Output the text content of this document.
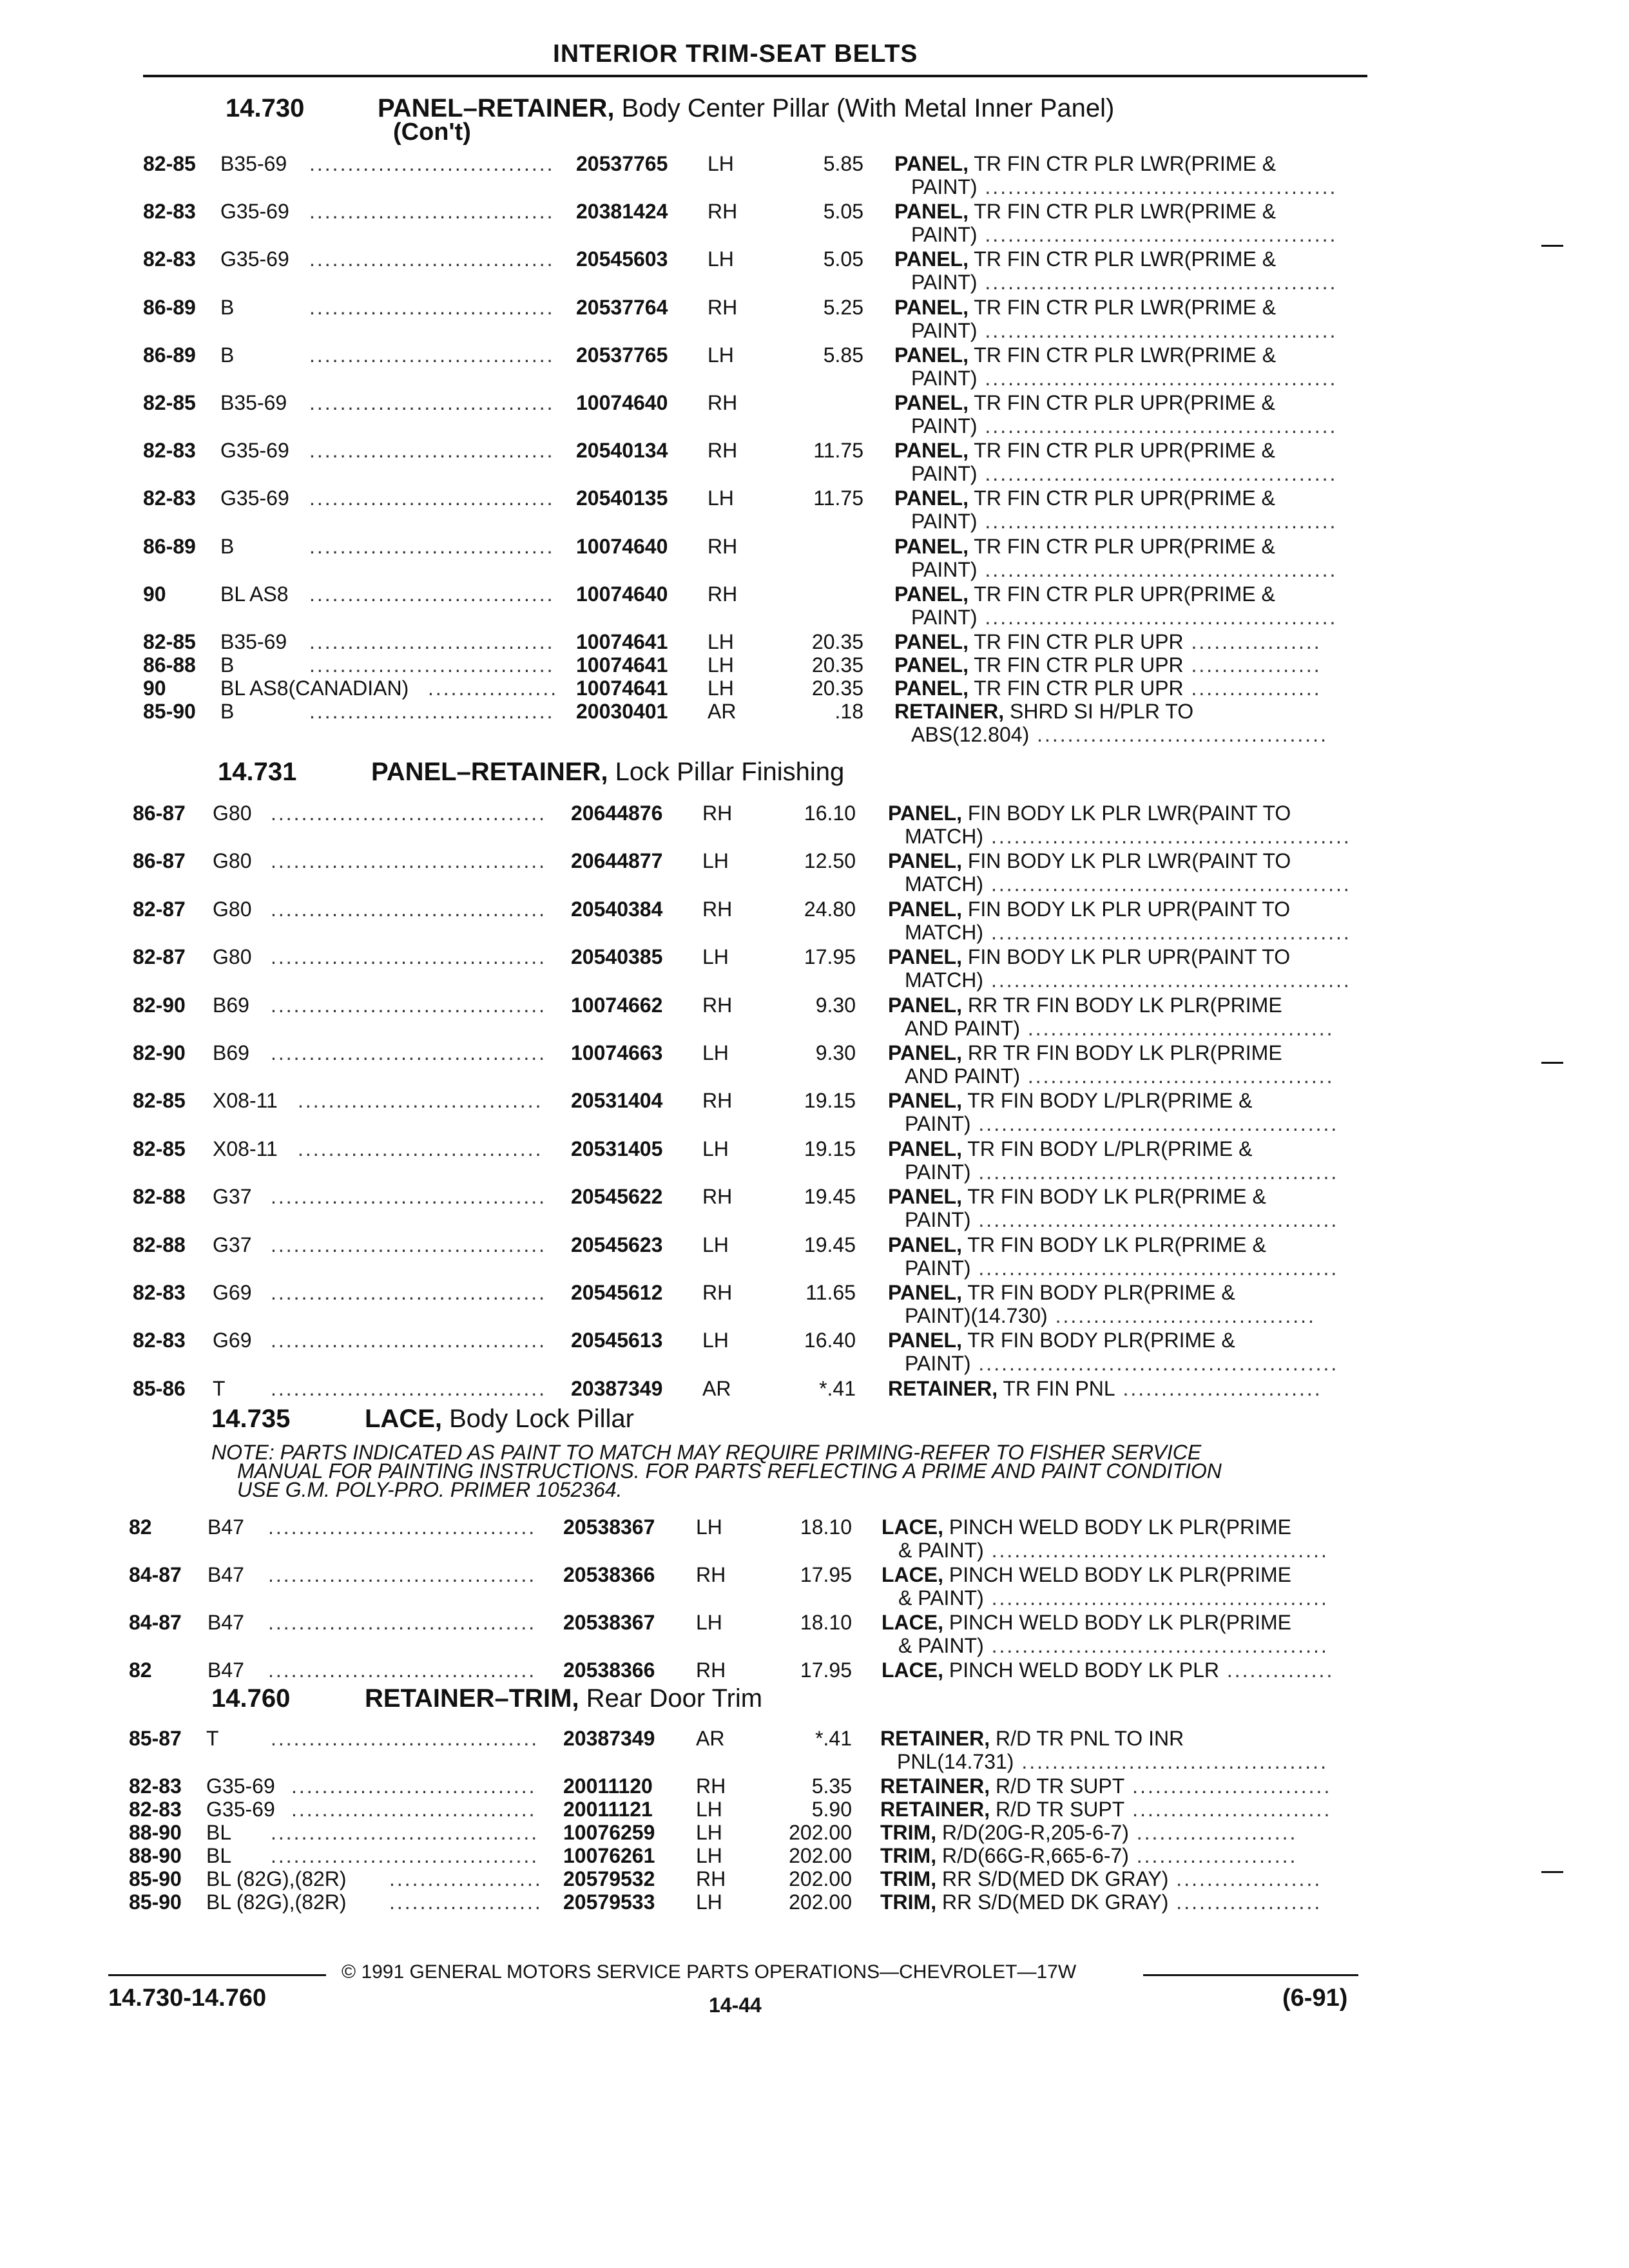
INTERIOR TRIM-SEAT BELTS
14.730	PANEL–RETAINER, Body Center Pillar (With Metal Inner Panel)
(Con't)
82-85 B35-69 ................................ 20537765 LH	5.85 PANEL, TR FIN CTR PLR LWR(PRIME &
PAINT) ..............................................
82-83 G35-69 ................................ 20381424 RH	5.05 PANEL, TR FIN CTR PLR LWR(PRIME &
PAINT) ..............................................
82-83 G35-69 ................................ 20545603 LH	5.05 PANEL, TR FIN CTR PLR LWR(PRIME &
PAINT) ..............................................
86-89 B	................................ 20537764 RH	5.25 PANEL, TR FIN CTR PLR LWR(PRIME &
PAINT) ..............................................
86-89 B	................................ 20537765 LH	5.85 PANEL, TR FIN CTR PLR LWR(PRIME &
PAINT) ..............................................
82-85 B35-69 ................................ 10074640 RH	PANEL, TR FIN CTR PLR UPR(PRIME &
PAINT) ..............................................
82-83 G35-69 ................................ 20540134 RH	11.75 PANEL, TR FIN CTR PLR UPR(PRIME &
PAINT) ..............................................
82-83 G35-69 ................................ 20540135 LH	11.75 PANEL, TR FIN CTR PLR UPR(PRIME &
PAINT) ..............................................
86-89 B	................................ 10074640 RH	PANEL, TR FIN CTR PLR UPR(PRIME &
PAINT) ..............................................
90	BL AS8 ................................ 10074640 RH	PANEL, TR FIN CTR PLR UPR(PRIME &
PAINT) ..............................................
82-85 B35-69 ................................ 10074641 LH	20.35 PANEL, TR FIN CTR PLR UPR .................
86-88 B	................................ 10074641 LH	20.35 PANEL, TR FIN CTR PLR UPR .................
90	BL AS8(CANADIAN) ................. 10074641 LH	20.35 PANEL, TR FIN CTR PLR UPR .................
85-90 B	................................ 20030401 AR	.18 RETAINER, SHRD SI H/PLR TO
ABS(12.804) ......................................
14.731	PANEL–RETAINER, Lock Pillar Finishing
86-87 G80 .................................... 20644876 RH	16.10 PANEL, FIN BODY LK PLR LWR(PAINT TO
MATCH) ...............................................
86-87 G80 .................................... 20644877 LH	12.50 PANEL, FIN BODY LK PLR LWR(PAINT TO
MATCH) ...............................................
82-87 G80 .................................... 20540384 RH	24.80 PANEL, FIN BODY LK PLR UPR(PAINT TO
MATCH) ...............................................
82-87 G80 .................................... 20540385 LH	17.95 PANEL, FIN BODY LK PLR UPR(PAINT TO
MATCH) ...............................................
82-90 B69 .................................... 10074662 RH	9.30 PANEL, RR TR FIN BODY LK PLR(PRIME
AND PAINT) ........................................
82-90 B69 .................................... 10074663 LH	9.30 PANEL, RR TR FIN BODY LK PLR(PRIME
AND PAINT) ........................................
82-85 X08-11 ................................ 20531404 RH	19.15 PANEL, TR FIN BODY L/PLR(PRIME &
PAINT) ...............................................
82-85 X08-11 ................................ 20531405 LH	19.15 PANEL, TR FIN BODY L/PLR(PRIME &
PAINT) ...............................................
82-88 G37 .................................... 20545622 RH	19.45 PANEL, TR FIN BODY LK PLR(PRIME &
PAINT) ...............................................
82-88 G37 .................................... 20545623 LH	19.45 PANEL, TR FIN BODY LK PLR(PRIME &
PAINT) ...............................................
82-83 G69 .................................... 20545612 RH	11.65 PANEL, TR FIN BODY PLR(PRIME &
PAINT)(14.730) ..................................
82-83 G69 .................................... 20545613 LH	16.40 PANEL, TR FIN BODY PLR(PRIME &
PAINT) ...............................................
85-86 T .................................... 20387349 AR	*.41 RETAINER, TR FIN PNL ..........................
14.735	LACE, Body Lock Pillar
NOTE: PARTS INDICATED AS PAINT TO MATCH MAY REQUIRE PRIMING-REFER TO FISHER SERVICE
MANUAL FOR PAINTING INSTRUCTIONS. FOR PARTS REFLECTING A PRIME AND PAINT CONDITION
USE G.M. POLY-PRO. PRIMER 1052364.
82	B47 ................................... 20538367 LH	18.10 LACE, PINCH WELD BODY LK PLR(PRIME
& PAINT) ............................................
84-87 B47 ................................... 20538366 RH	17.95 LACE, PINCH WELD BODY LK PLR(PRIME
& PAINT) ............................................
84-87 B47 ................................... 20538367 LH	18.10 LACE, PINCH WELD BODY LK PLR(PRIME
& PAINT) ............................................
82	B47 ................................... 20538366 RH	17.95 LACE, PINCH WELD BODY LK PLR ..............
14.760	RETAINER–TRIM, Rear Door Trim
85-87 T	................................... 20387349 AR	*.41 RETAINER, R/D TR PNL TO INR
PNL(14.731) ........................................
82-83 G35-69 ................................ 20011120 RH	5.35 RETAINER, R/D TR SUPT ..........................
82-83 G35-69 ................................ 20011121 LH	5.90 RETAINER, R/D TR SUPT ..........................
88-90 BL ................................... 10076259 LH	202.00 TRIM, R/D(20G-R,205-6-7) .....................
88-90 BL ................................... 10076261 LH	202.00 TRIM, R/D(66G-R,665-6-7) .....................
85-90 BL (82G),(82R) .................... 20579532 RH	202.00 TRIM, RR S/D(MED DK GRAY) ...................
85-90 BL (82G),(82R) .................... 20579533 LH	202.00 TRIM, RR S/D(MED DK GRAY) ...................
© 1991 GENERAL MOTORS SERVICE PARTS OPERATIONS—CHEVROLET—17W
14.730-14.760	14-44	(6-91)
